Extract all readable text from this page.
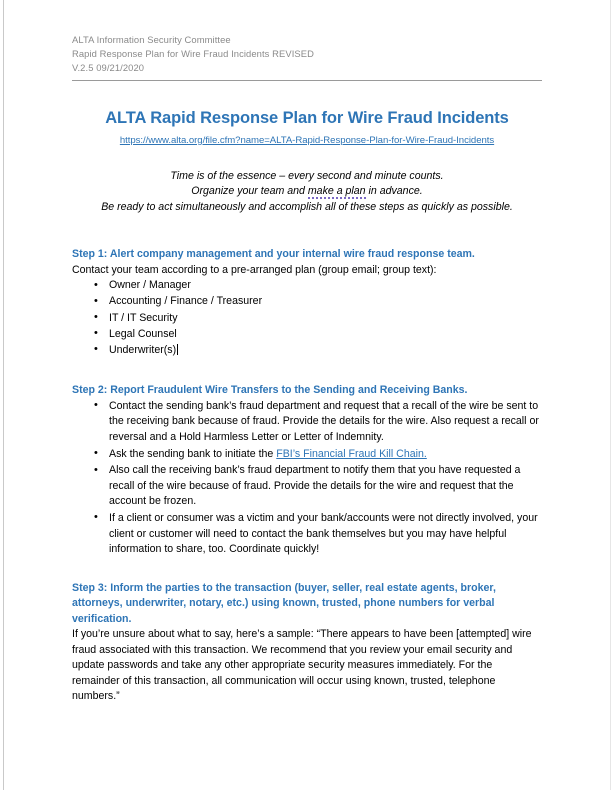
ALTA Information Security Committee
Rapid Response Plan for Wire Fraud Incidents REVISED
V.2.5 09/21/2020
ALTA Rapid Response Plan for Wire Fraud Incidents
https://www.alta.org/file.cfm?name=ALTA-Rapid-Response-Plan-for-Wire-Fraud-Incidents
Time is of the essence – every second and minute counts.
Organize your team and make a plan in advance.
Be ready to act simultaneously and accomplish all of these steps as quickly as possible.
Step 1: Alert company management and your internal wire fraud response team.
Contact your team according to a pre-arranged plan (group email; group text):
• Owner / Manager
• Accounting / Finance / Treasurer
• IT / IT Security
• Legal Counsel
• Underwriter(s)
Step 2: Report Fraudulent Wire Transfers to the Sending and Receiving Banks.
• Contact the sending bank’s fraud department and request that a recall of the wire be sent to the receiving bank because of fraud. Provide the details for the wire. Also request a recall or reversal and a Hold Harmless Letter or Letter of Indemnity.
• Ask the sending bank to initiate the FBI’s Financial Fraud Kill Chain.
• Also call the receiving bank’s fraud department to notify them that you have requested a recall of the wire because of fraud. Provide the details for the wire and request that the account be frozen.
• If a client or consumer was a victim and your bank/accounts were not directly involved, your client or customer will need to contact the bank themselves but you may have helpful information to share, too. Coordinate quickly!
Step 3: Inform the parties to the transaction (buyer, seller, real estate agents, broker, attorneys, underwriter, notary, etc.) using known, trusted, phone numbers for verbal verification.
If you’re unsure about what to say, here’s a sample: “There appears to have been [attempted] wire fraud associated with this transaction. We recommend that you review your email security and update passwords and take any other appropriate security measures immediately. For the remainder of this transaction, all communication will occur using known, trusted, telephone numbers.”
